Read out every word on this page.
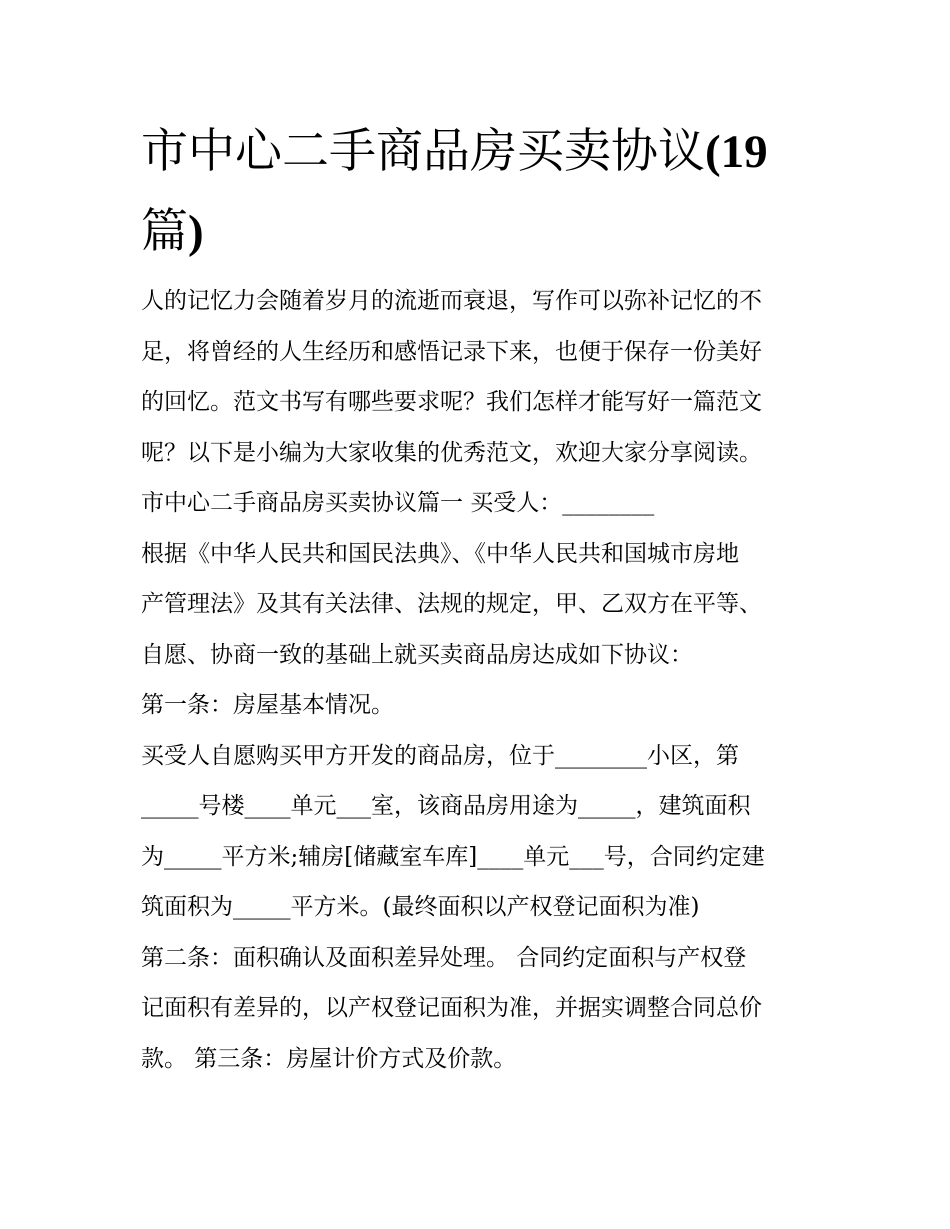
市中心二手商品房买卖协议(19
篇)

人的记忆力会随着岁月的流逝而衰退，写作可以弥补记忆的不

足，将曾经的人生经历和感悟记录下来，也便于保存一份美好

的回忆。范文书写有哪些要求呢？我们怎样才能写好一篇范文

呢？以下是小编为大家收集的优秀范文，欢迎大家分享阅读。

市中心二手商品房买卖协议篇一 买受人：________

根据《中华人民共和国民法典》、《中华人民共和国城市房地

产管理法》及其有关法律、法规的规定，甲、乙双方在平等、

自愿、协商一致的基础上就买卖商品房达成如下协议：

第一条：房屋基本情况。

买受人自愿购买甲方开发的商品房，位于________小区，第

_____号楼____单元___室，该商品房用途为_____，建筑面积

为_____平方米;辅房[储藏室车库]____单元___号，合同约定建

筑面积为_____平方米。(最终面积以产权登记面积为准)

第二条：面积确认及面积差异处理。 合同约定面积与产权登

记面积有差异的，以产权登记面积为准，并据实调整合同总价

款。 第三条：房屋计价方式及价款。
